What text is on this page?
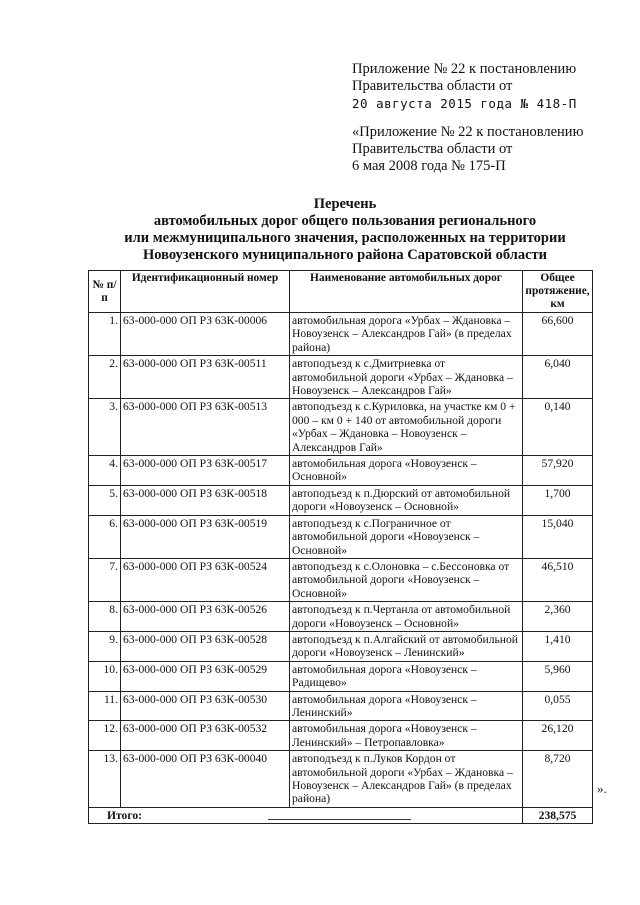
Приложение № 22 к постановлению
Правительства области от
20 августа 2015 года № 418-П
«Приложение № 22 к постановлению
Правительства области от
6 мая 2008 года № 175-П
Перечень
автомобильных дорог общего пользования регионального
или межмуниципального значения, расположенных на территории
Новоузенского муниципального района Саратовской области
№ п/п	Идентификационный номер	Наименование автомобильных дорог	Общее протяжение, км
1.	63-000-000 ОП РЗ 63К-00006	автомобильная дорога «Урбах – Ждановка – Новоузенск – Александров Гай» (в пределах района)	66,600
2.	63-000-000 ОП РЗ 63К-00511	автоподъезд к с.Дмитриевка от автомобильной дороги «Урбах – Ждановка – Новоузенск – Александров Гай»	6,040
3.	63-000-000 ОП РЗ 63К-00513	автоподъезд к с.Куриловка, на участке км 0 + 000 – км 0 + 140 от автомобильной дороги «Урбах – Ждановка – Новоузенск – Александров Гай»	0,140
4.	63-000-000 ОП РЗ 63К-00517	автомобильная дорога «Новоузенск – Основной»	57,920
5.	63-000-000 ОП РЗ 63К-00518	автоподъезд к п.Дюрский от автомобильной дороги «Новоузенск – Основной»	1,700
6.	63-000-000 ОП РЗ 63К-00519	автоподъезд к с.Пограничное от автомобильной дороги «Новоузенск – Основной»	15,040
7.	63-000-000 ОП РЗ 63К-00524	автоподъезд к с.Олоновка – с.Бессоновка от автомобильной дороги «Новоузенск – Основной»	46,510
8.	63-000-000 ОП РЗ 63К-00526	автоподъезд к п.Чертанла от автомобильной дороги «Новоузенск – Основной»	2,360
9.	63-000-000 ОП РЗ 63К-00528	автоподъезд к п.Алгайский от автомобильной дороги «Новоузенск – Ленинский»	1,410
10.	63-000-000 ОП РЗ 63К-00529	автомобильная дорога «Новоузенск – Радищево»	5,960
11.	63-000-000 ОП РЗ 63К-00530	автомобильная дорога «Новоузенск – Ленинский»	0,055
12.	63-000-000 ОП РЗ 63К-00532	автомобильная дорога «Новоузенск – Ленинский» – Петропавловка»	26,120
13.	63-000-000 ОП РЗ 63К-00040	автоподъезд к п.Луков Кордон от автомобильной дороги «Урбах – Ждановка – Новоузенск – Александров Гай» (в пределах района)	8,720
Итого:			238,575
».
